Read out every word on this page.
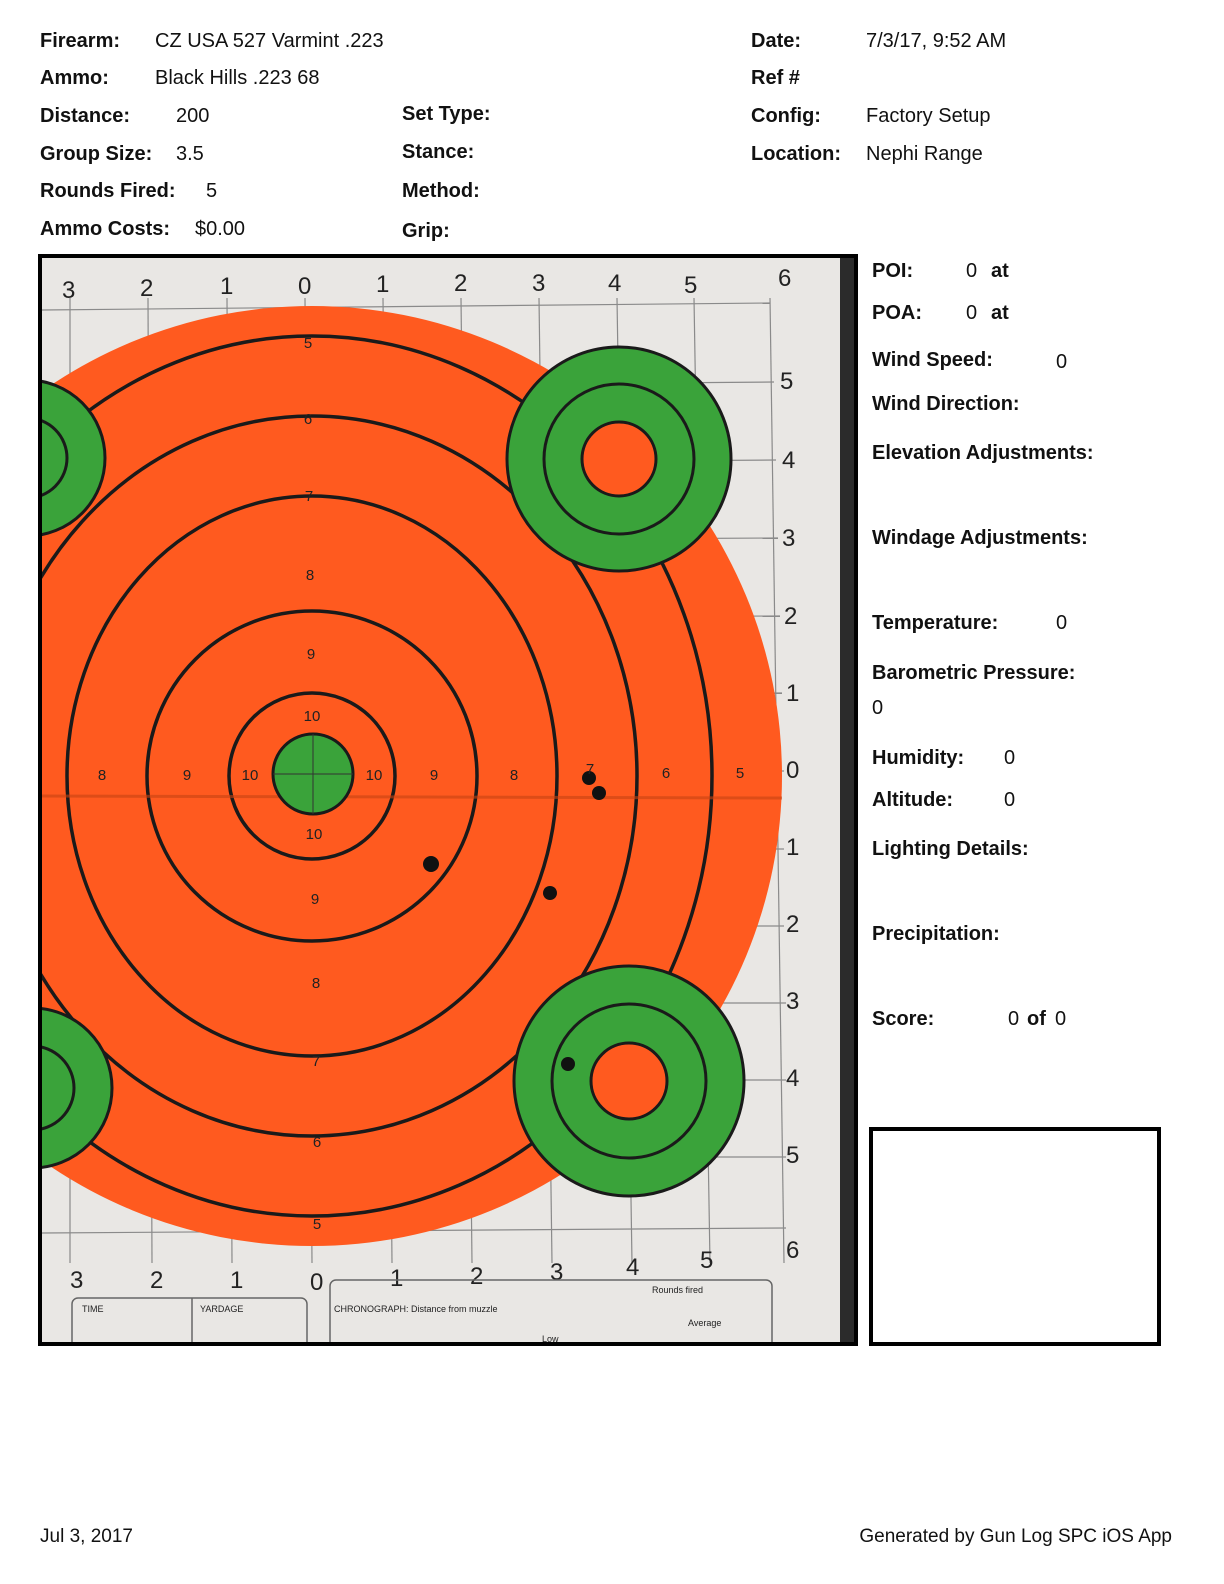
Firearm: CZ USA 527 Varmint .223
Ammo: Black Hills .223 68
Distance: 200
Group Size: 3.5
Rounds Fired: 5
Ammo Costs: $0.00
Set Type:
Stance:
Method:
Grip:
Date:	7/3/17, 9:52 AM
Ref #
Config: Factory Setup
Location: Nephi Range
3	2	1	0	1	2	3	4	5	6
5
4
3
2
1
0
1
2
3
4
5
3	2	1	0	1	2	3	4	5	6
5
6
7
8
9
10
10
9
8
7
6
5
8	9	10	10	9	8	7	6	5
TIME	YARDAGE	CHRONOGRAPH: Distance from muzzle
Rounds fired
Low
Average
POI:	0 at
POA: 0 at
Wind Speed:	0
Wind Direction:
Elevation Adjustments:
Windage Adjustments:
Temperature:	0
Barometric Pressure:
0
Humidity: 0
Altitude:	0
Lighting Details:
Precipitation:
Score:	0 of 0
Jul 3, 2017	Generated by Gun Log SPC iOS App
